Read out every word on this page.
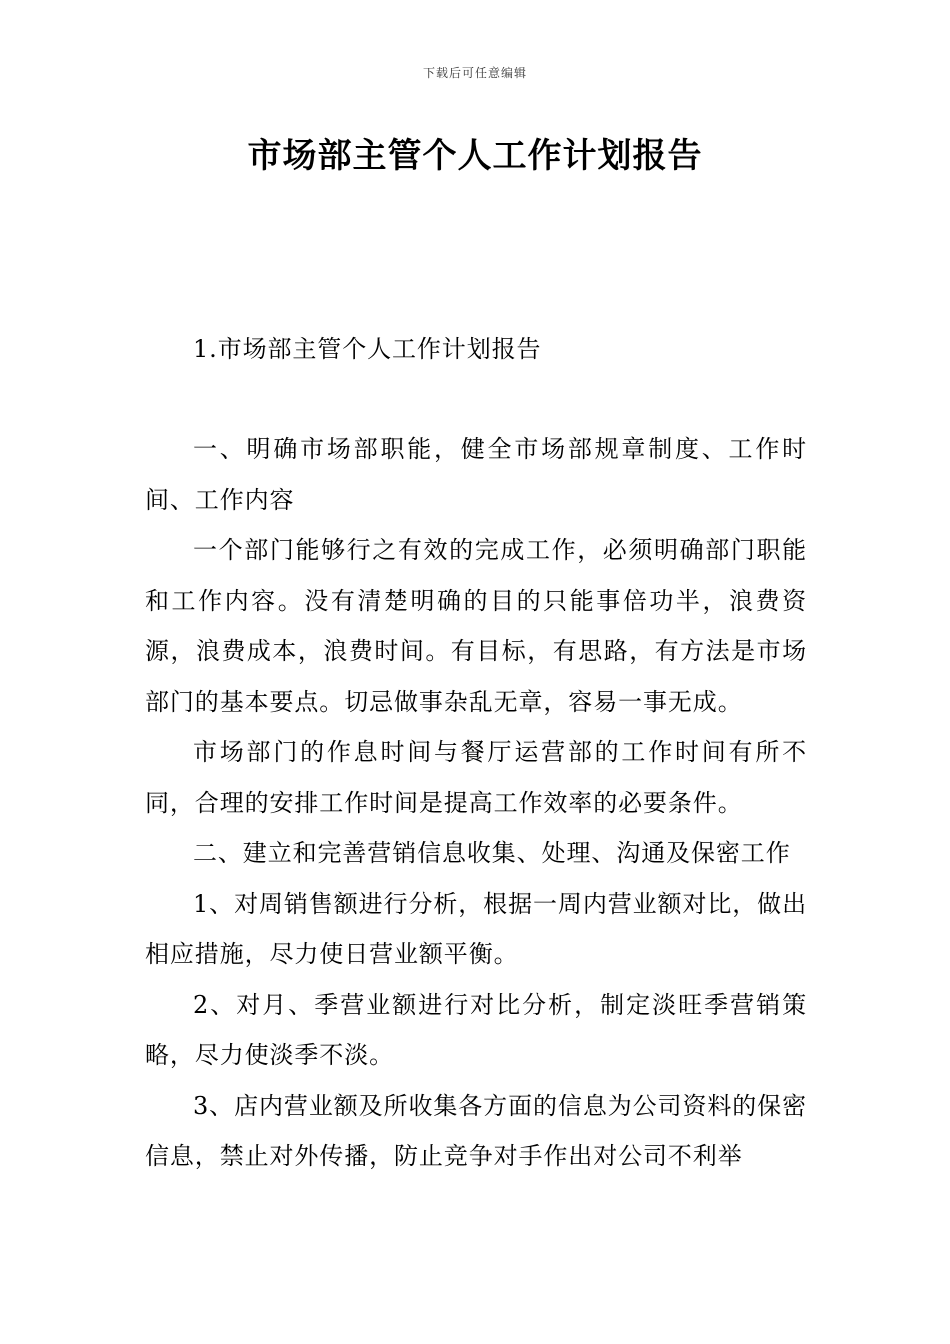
下载后可任意编辑
市场部主管个人工作计划报告
1.市场部主管个人工作计划报告

一、明确市场部职能，健全市场部规章制度、工作时间、工作内容

一个部门能够行之有效的完成工作，必须明确部门职能和工作内容。没有清楚明确的目的只能事倍功半，浪费资源，浪费成本，浪费时间。有目标，有思路，有方法是市场部门的基本要点。切忌做事杂乱无章，容易一事无成。

市场部门的作息时间与餐厅运营部的工作时间有所不同，合理的安排工作时间是提高工作效率的必要条件。

二、建立和完善营销信息收集、处理、沟通及保密工作

1、对周销售额进行分析，根据一周内营业额对比，做出相应措施，尽力使日营业额平衡。

2、对月、季营业额进行对比分析，制定淡旺季营销策略，尽力使淡季不淡。

3、店内营业额及所收集各方面的信息为公司资料的保密信息，禁止对外传播，防止竞争对手作出对公司不利举
